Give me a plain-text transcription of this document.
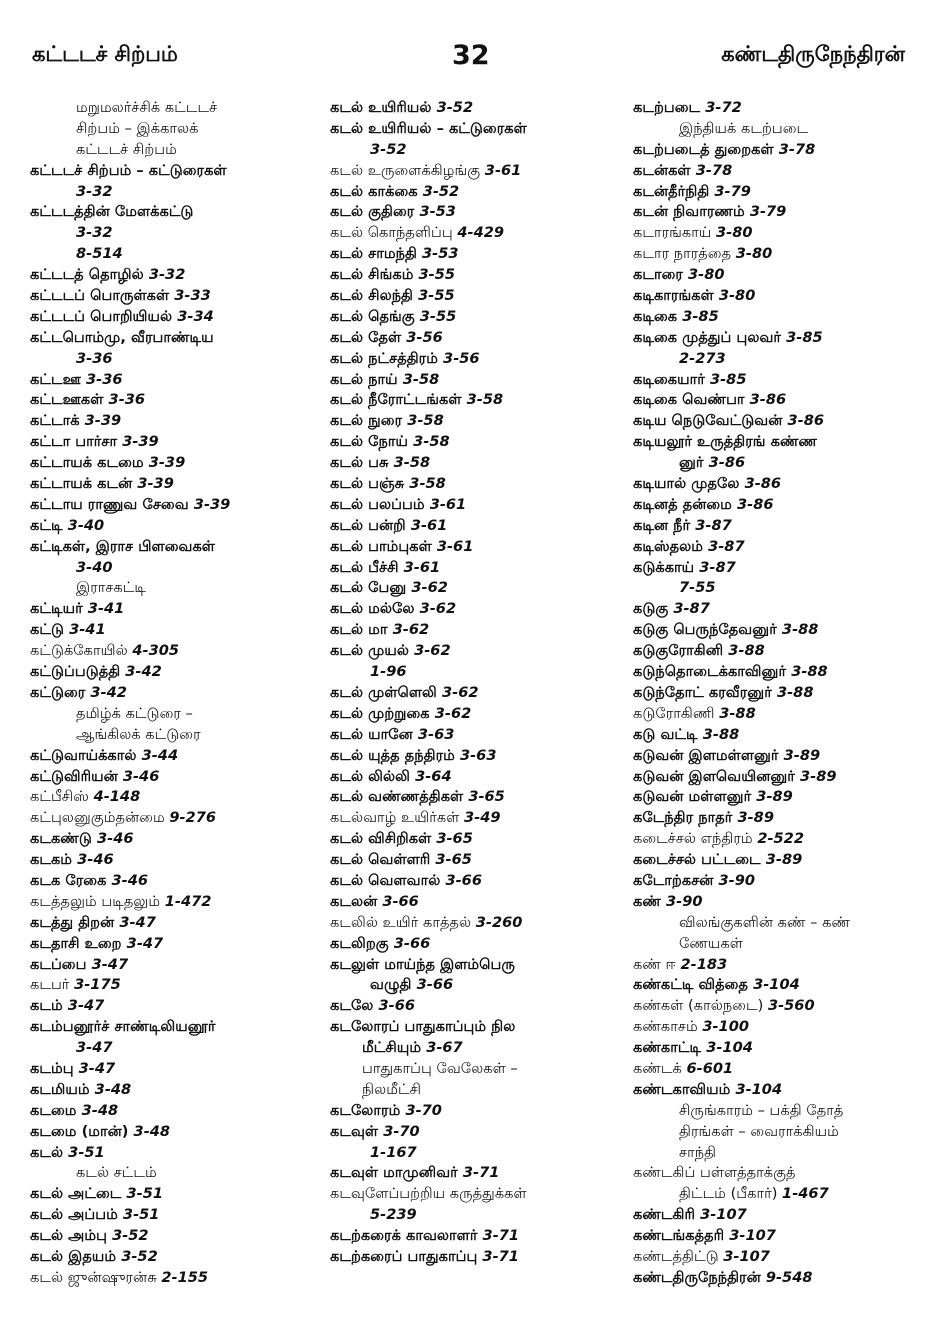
கட்டடச் சிற்பம்	32	கண்டதிருநேந்திரன்
மறுமலர்ச்சிக் கட்டடச்
சிற்பம் – இக்காலக்
கட்டடச் சிற்பம்
கட்டடச் சிற்பம் – கட்டுரைகள்
3-32
கட்டடத்தின் மேளக்கட்டு
3-32
8-514
கட்டடத் தொழில் 3-32
கட்டடப் பொருள்கள் 3-33
கட்டடப் பொறியியல் 3-34
கட்டபொம்மு, வீரபாண்டிய
3-36
கட்டஊ 3-36
கட்டஊகள் 3-36
கட்டாக் 3-39
கட்டா பார்சா 3-39
கட்டாயக் கடமை 3-39
கட்டாயக் கடன் 3-39
கட்டாய ராணுவ சேவை 3-39
கட்டி 3-40
கட்டிகள், இராச பிளவைகள்
3-40
இராசகட்டி
கட்டியர் 3-41
கட்டு 3-41
கட்டுக்கோயில் 4-305
கட்டுப்படுத்தி 3-42
கட்டுரை 3-42
தமிழ்க் கட்டுரை –
ஆங்கிலக் கட்டுரை
கட்டுவாய்க்கால் 3-44
கட்டுவிரியன் 3-46
கட்பீசிஸ் 4-148
கட்புலனுகும்தன்மை 9-276
கடகண்டு 3-46
கடகம் 3-46
கடக ரேகை 3-46
கடத்தலும் படிதலும் 1-472
கடத்து திறன் 3-47
கடதாசி உறை 3-47
கடப்பை 3-47
கடபர் 3-175
கடம் 3-47
கடம்பனூர்ச் சாண்டிலியனூர்
3-47
கடம்பு 3-47
கடமியம் 3-48
கடமை 3-48
கடமை (மான்) 3-48
கடல் 3-51
கடல் சட்டம்
கடல் அட்டை 3-51
கடல் அப்பம் 3-51
கடல் அம்பு 3-52
கடல் இதயம் 3-52
கடல் ஜுன்ஷுரன்சு 2-155
கடல் உயிரியல் 3-52
கடல் உயிரியல் – கட்டுரைகள்
3-52
கடல் உருளைக்கிழங்கு 3-61
கடல் காக்கை 3-52
கடல் குதிரை 3-53
கடல் கொந்தளிப்பு 4-429
கடல் சாமந்தி 3-53
கடல் சிங்கம் 3-55
கடல் சிலந்தி 3-55
கடல் தெங்கு 3-55
கடல் தேள் 3-56
கடல் நட்சத்திரம் 3-56
கடல் நாய் 3-58
கடல் நீரோட்டங்கள் 3-58
கடல் நுரை 3-58
கடல் நோய் 3-58
கடல் பசு 3-58
கடல் பஞ்சு 3-58
கடல் பலப்பம் 3-61
கடல் பன்றி 3-61
கடல் பாம்புகள் 3-61
கடல் பீச்சி 3-61
கடல் பேனு 3-62
கடல் மல்லே 3-62
கடல் மா 3-62
கடல் முயல் 3-62
1-96
கடல் முள்ளெலி 3-62
கடல் முற்றுகை 3-62
கடல் யானே 3-63
கடல் யுத்த தந்திரம் 3-63
கடல் லில்லி 3-64
கடல் வண்ணத்திகள் 3-65
கடல்வாழ் உயிர்கள் 3-49
கடல் விசிறிகள் 3-65
கடல் வெள்ளரி 3-65
கடல் வெளவால் 3-66
கடலன் 3-66
கடலில் உயிர் காத்தல் 3-260
கடலிறகு 3-66
கடலுள் மாய்ந்த இளம்பெரு
வழுதி 3-66
கடலே 3-66
கடலோரப் பாதுகாப்பும் நில
மீட்சியும் 3-67
பாதுகாப்பு வேலேகள் –
நிலமீட்சி
கடலோரம் 3-70
கடவுள் 3-70
1-167
கடவுள் மாமுனிவர் 3-71
கடவுளேப்பற்றிய கருத்துக்கள்
5-239
கடற்கரைக் காவலாளர் 3-71
கடற்கரைப் பாதுகாப்பு 3-71
கடற்படை 3-72
இந்தியக் கடற்படை
கடற்படைத் துறைகள் 3-78
கடன்கள் 3-78
கடன்தீர்நிதி 3-79
கடன் நிவாரணம் 3-79
கடாரங்காய் 3-80
கடார நாரத்தை 3-80
கடாரை 3-80
கடிகாரங்கள் 3-80
கடிகை 3-85
கடிகை முத்துப் புலவர் 3-85
2-273
கடிகையார் 3-85
கடிகை வெண்பா 3-86
கடிய நெடுவேட்டுவன் 3-86
கடியலூர் உருத்திரங் கண்ண
னுர் 3-86
கடியால் முதலே 3-86
கடினத் தன்மை 3-86
கடின நீர் 3-87
கடிஸ்தலம் 3-87
கடுக்காய் 3-87
7-55
கடுகு 3-87
கடுகு பெருந்தேவனுர் 3-88
கடுகுரோகினி 3-88
கடுந்தொடைக்காவினுர் 3-88
கடுந்தோட் கரவீரனுர் 3-88
கடுரோகிணி 3-88
கடு வட்டி 3-88
கடுவன் இளமள்ளனுர் 3-89
கடுவன் இளவெயினனுர் 3-89
கடுவன் மள்ளனுர் 3-89
கடேந்திர நாதர் 3-89
கடைச்சல் எந்திரம் 2-522
கடைச்சல் பட்டடை 3-89
கடோற்கசன் 3-90
கண் 3-90
விலங்குகளின் கண் – கண்
ணேயகள்
கண் ஈ 2-183
கண்கட்டி வித்தை 3-104
கண்கள் (கால்நடை) 3-560
கண்காசம் 3-100
கண்காட்டி 3-104
கண்டக் 6-601
கண்டகாவியம் 3-104
சிருங்காரம் – பக்தி தோத்
திரங்கள் – வைராக்கியம்
சாந்தி
கண்டகிப் பள்ளத்தாக்குத்
திட்டம் (பீகார்) 1-467
கண்டகிரி 3-107
கண்டங்கத்தரி 3-107
கண்டத்திட்டு 3-107
கண்டதிருநேந்திரன் 9-548
